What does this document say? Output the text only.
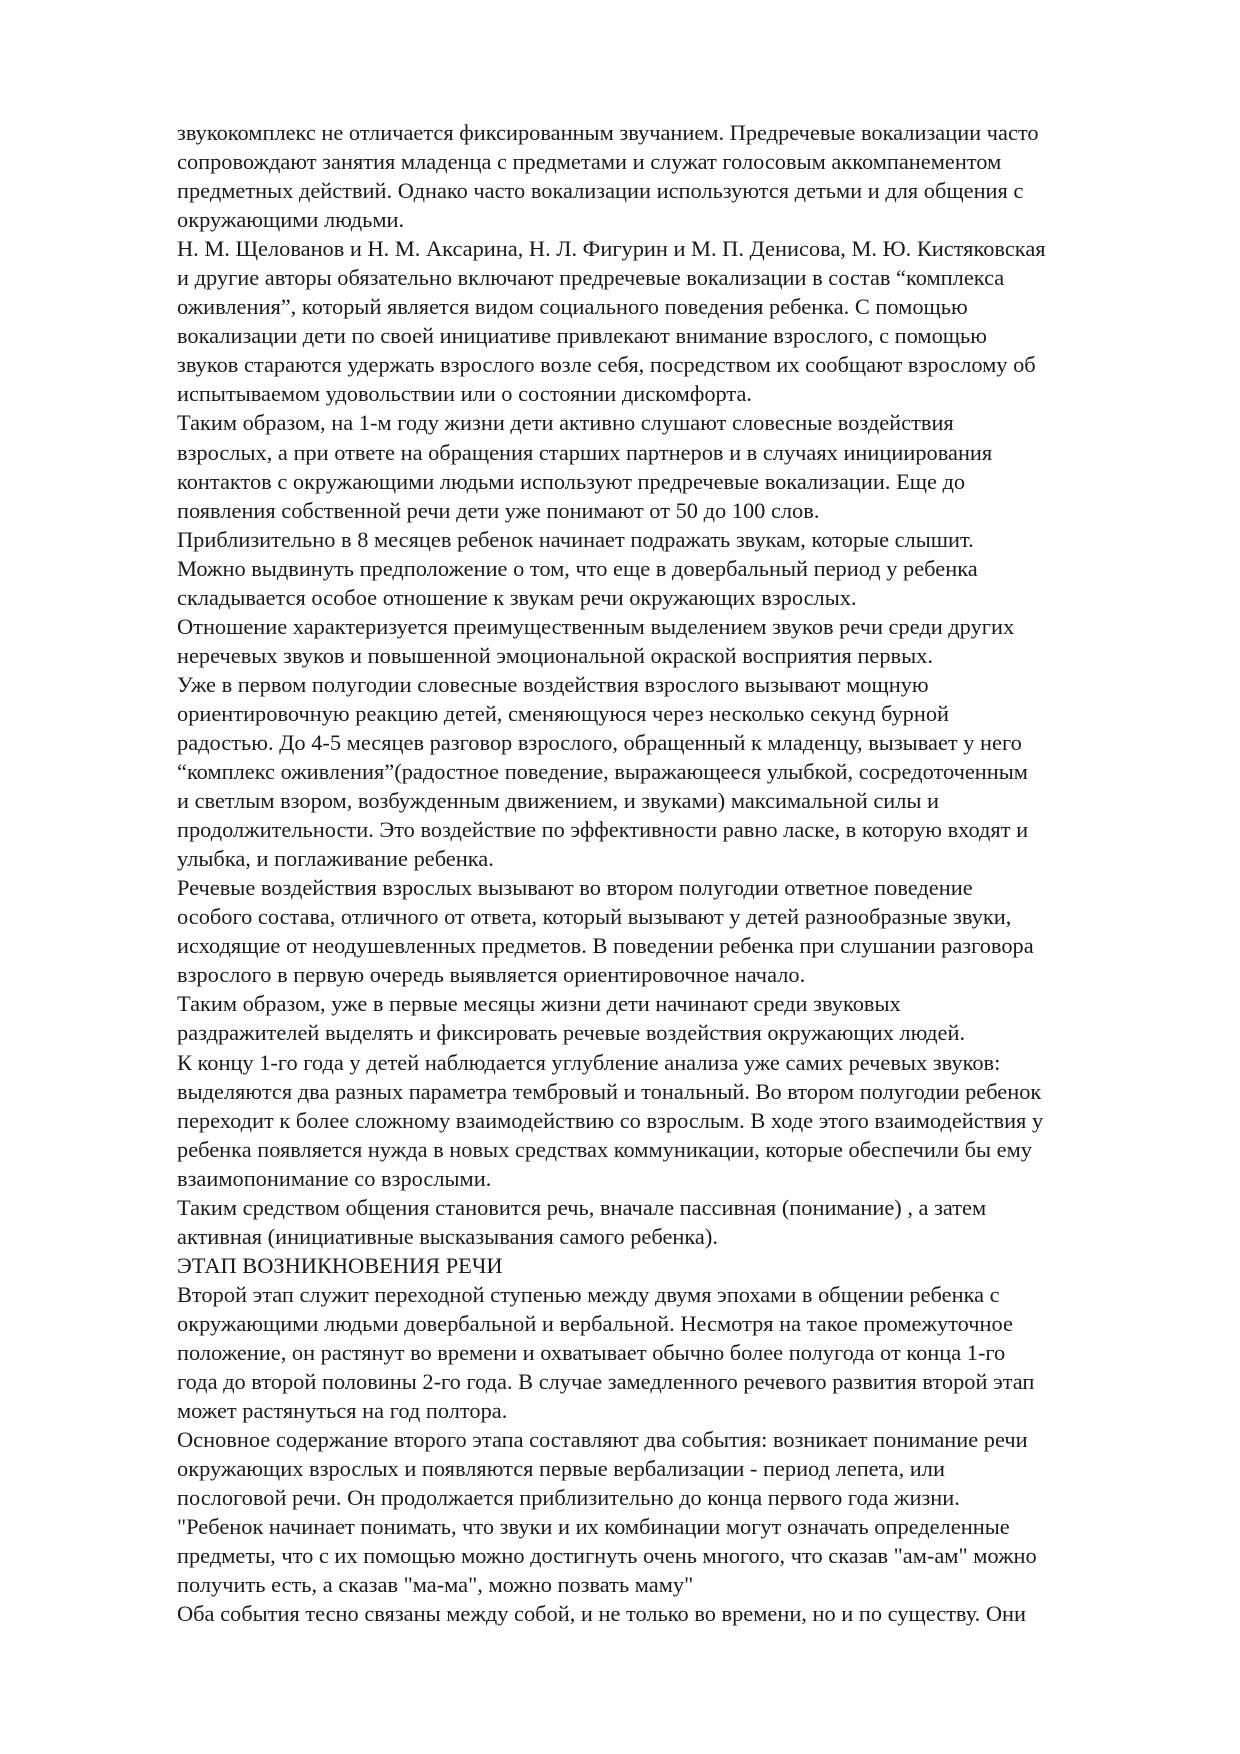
звукокомплекс не отличается фиксированным звучанием. Предречевые вокализации часто
сопровождают занятия младенца с предметами и служат голосовым аккомпанементом
предметных действий. Однако часто вокализации используются детьми и для общения с
окружающими людьми.
Н. М. Щелованов и Н. М. Аксарина, Н. Л. Фигурин и М. П. Денисова, М. Ю. Кистяковская
и другие авторы обязательно включают предречевые вокализации в состав “комплекса
оживления”, который является видом социального поведения ребенка. С помощью
вокализации дети по своей инициативе привлекают внимание взрослого, с помощью
звуков стараются удержать взрослого возле себя, посредством их сообщают взрослому об
испытываемом удовольствии или о состоянии дискомфорта.
Таким образом, на 1-м году жизни дети активно слушают словесные воздействия
взрослых, а при ответе на обращения старших партнеров и в случаях инициирования
контактов с окружающими людьми используют предречевые вокализации. Еще до
появления собственной речи дети уже понимают от 50 до 100 слов.
Приблизительно в 8 месяцев ребенок начинает подражать звукам, которые слышит.
Можно выдвинуть предположение о том, что еще в довербальный период у ребенка
складывается особое отношение к звукам речи окружающих взрослых.
Отношение характеризуется преимущественным выделением звуков речи среди других
неречевых звуков и повышенной эмоциональной окраской восприятия первых.
Уже в первом полугодии словесные воздействия взрослого вызывают мощную
ориентировочную реакцию детей, сменяющуюся через несколько секунд бурной
радостью. До 4-5 месяцев разговор взрослого, обращенный к младенцу, вызывает у него
“комплекс оживления”(радостное поведение, выражающееся улыбкой, сосредоточенным
и светлым взором, возбужденным движением, и звуками) максимальной силы и
продолжительности. Это воздействие по эффективности равно ласке, в которую входят и
улыбка, и поглаживание ребенка.
Речевые воздействия взрослых вызывают во втором полугодии ответное поведение
особого состава, отличного от ответа, который вызывают у детей разнообразные звуки,
исходящие от неодушевленных предметов. В поведении ребенка при слушании разговора
взрослого в первую очередь выявляется ориентировочное начало.
Таким образом, уже в первые месяцы жизни дети начинают среди звуковых
раздражителей выделять и фиксировать речевые воздействия окружающих людей.
К концу 1-го года у детей наблюдается углубление анализа уже самих речевых звуков:
выделяются два разных параметра тембровый и тональный. Во втором полугодии ребенок
переходит к более сложному взаимодействию со взрослым. В ходе этого взаимодействия у
ребенка появляется нужда в новых средствах коммуникации, которые обеспечили бы ему
взаимопонимание со взрослыми.
Таким средством общения становится речь, вначале пассивная (понимание) , а затем
активная (инициативные высказывания самого ребенка).
ЭТАП ВОЗНИКНОВЕНИЯ РЕЧИ
Второй этап служит переходной ступенью между двумя эпохами в общении ребенка с
окружающими людьми довербальной и вербальной. Несмотря на такое промежуточное
положение, он растянут во времени и охватывает обычно более полугода от конца 1-го
года до второй половины 2-го года. В случае замедленного речевого развития второй этап
может растянуться на год полтора.
Основное содержание второго этапа составляют два события: возникает понимание речи
окружающих взрослых и появляются первые вербализации - период лепета, или
послоговой речи. Он продолжается приблизительно до конца первого года жизни.
"Ребенок начинает понимать, что звуки и их комбинации могут означать определенные
предметы, что с их помощью можно достигнуть очень многого, что сказав "ам-ам" можно
получить есть, а сказав "ма-ма", можно позвать маму"
Оба события тесно связаны между собой, и не только во времени, но и по существу. Они
